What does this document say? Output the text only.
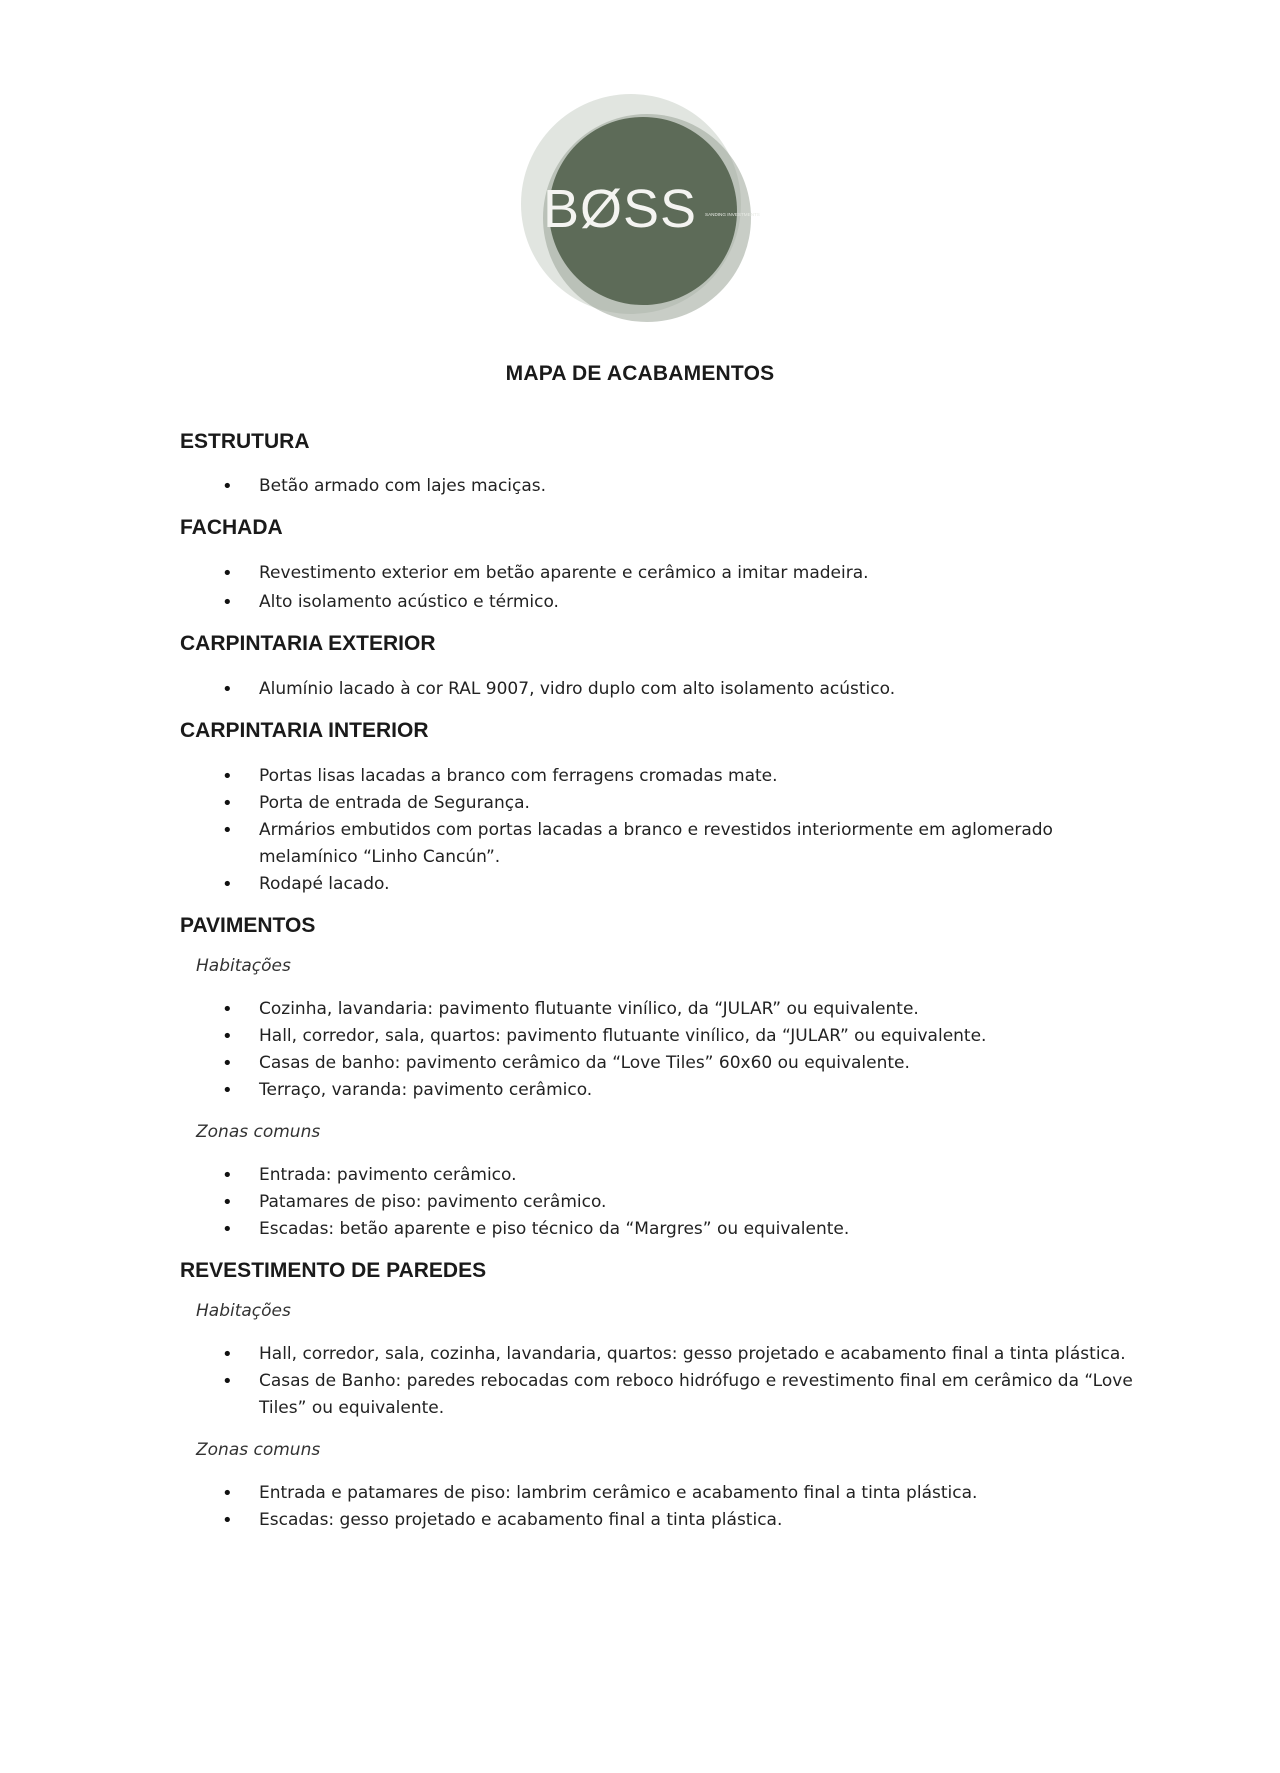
BØSS SANDING INVESTMENTS
MAPA DE ACABAMENTOS
ESTRUTURA
• Betão armado com lajes maciças.
FACHADA
• Revestimento exterior em betão aparente e cerâmico a imitar madeira.
• Alto isolamento acústico e térmico.
CARPINTARIA EXTERIOR
• Alumínio lacado à cor RAL 9007, vidro duplo com alto isolamento acústico.
CARPINTARIA INTERIOR
• Portas lisas lacadas a branco com ferragens cromadas mate.
• Porta de entrada de Segurança.
• Armários embutidos com portas lacadas a branco e revestidos interiormente em aglomerado melamínico “Linho Cancún”.
• Rodapé lacado.
PAVIMENTOS

Habitações

• Cozinha, lavandaria: pavimento flutuante vinílico, da “JULAR” ou equivalente.
• Hall, corredor, sala, quartos: pavimento flutuante vinílico, da “JULAR” ou equivalente.
• Casas de banho: pavimento cerâmico da “Love Tiles” 60x60 ou equivalente.
• Terraço, varanda: pavimento cerâmico.

Zonas comuns

• Entrada: pavimento cerâmico.
• Patamares de piso: pavimento cerâmico.
• Escadas: betão aparente e piso técnico da “Margres” ou equivalente.
REVESTIMENTO DE PAREDES

Habitações

• Hall, corredor, sala, cozinha, lavandaria, quartos: gesso projetado e acabamento final a tinta plástica.
• Casas de Banho: paredes rebocadas com reboco hidrófugo e revestimento final em cerâmico da “Love Tiles” ou equivalente.

Zonas comuns

• Entrada e patamares de piso: lambrim cerâmico e acabamento final a tinta plástica.
• Escadas: gesso projetado e acabamento final a tinta plástica.
